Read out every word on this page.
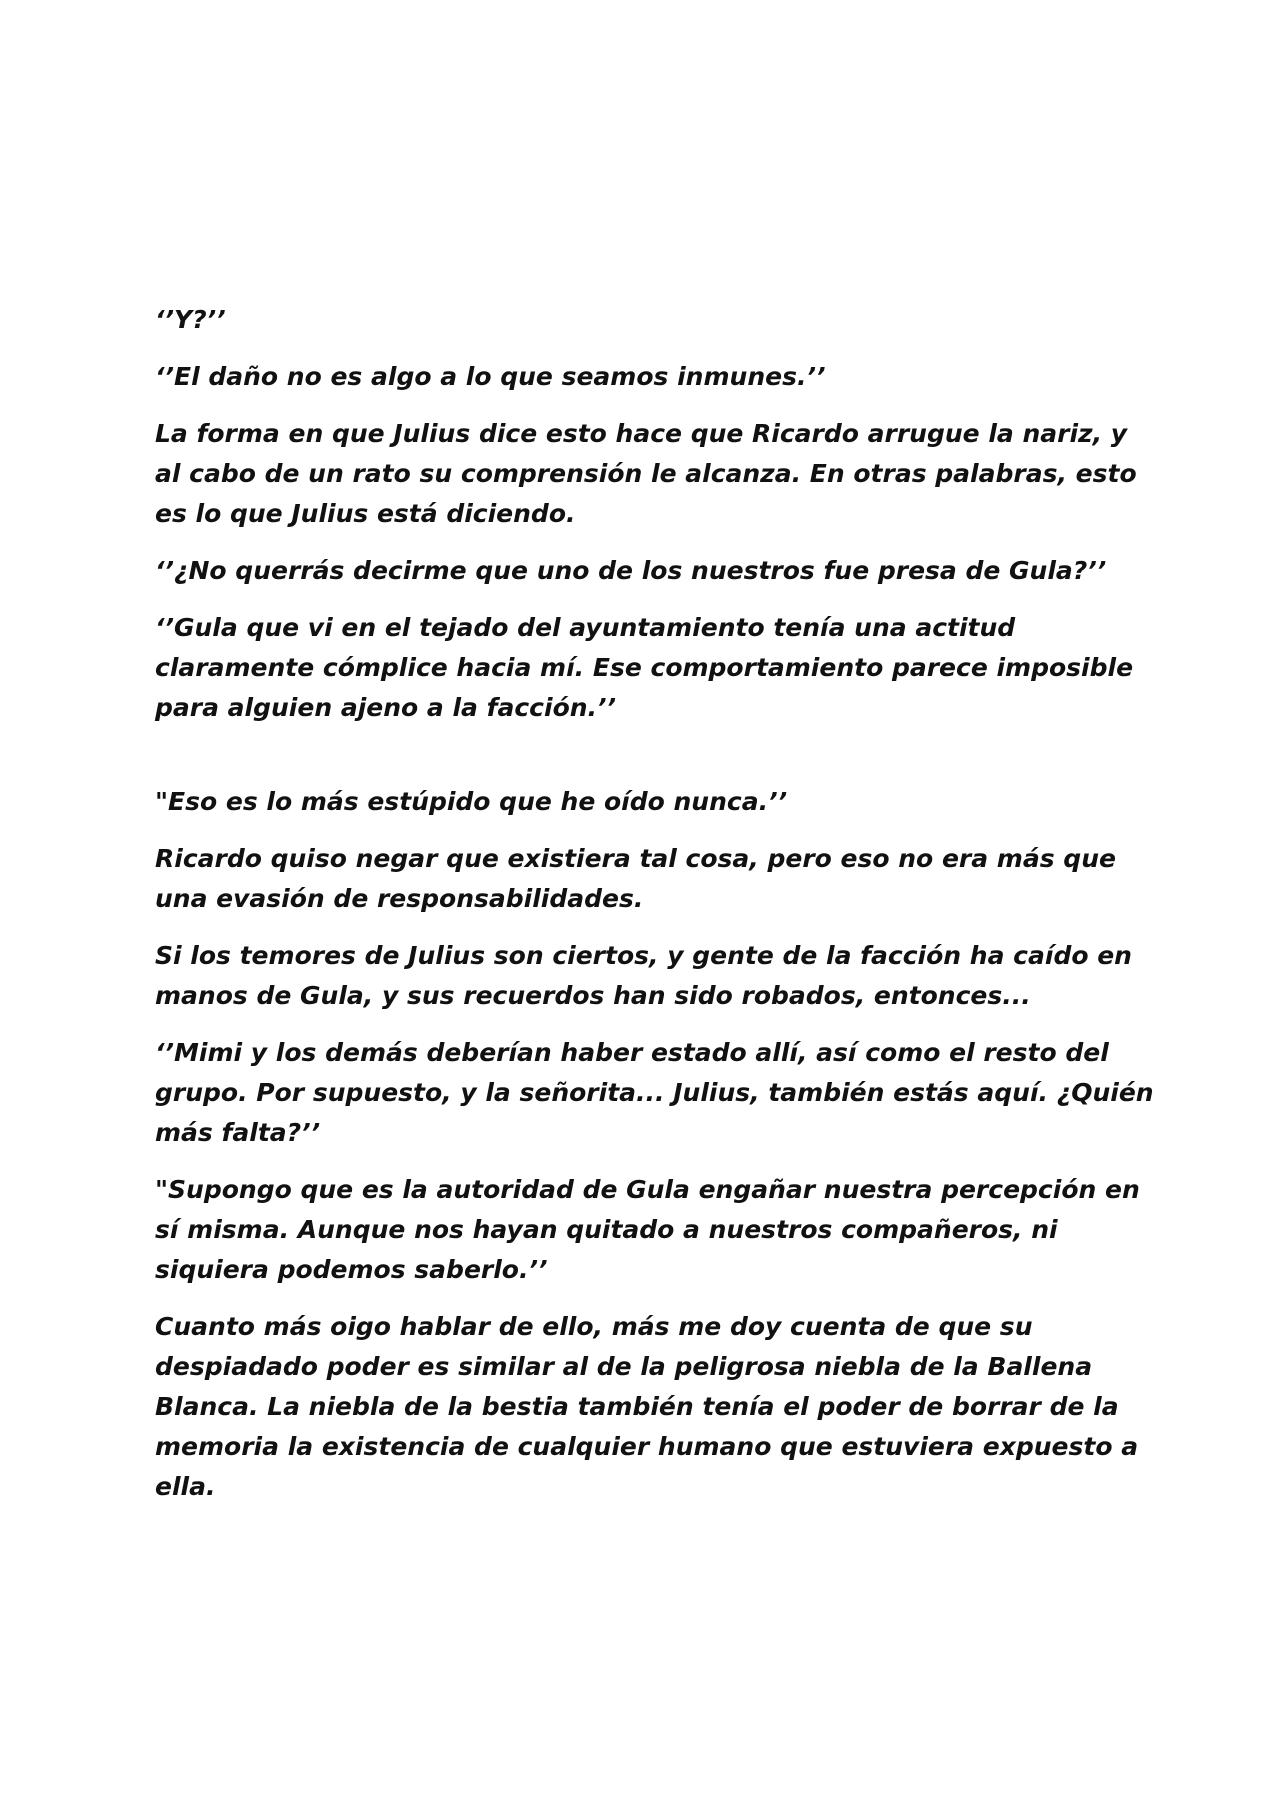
‘’Y?’’

‘’El daño no es algo a lo que seamos inmunes.’’

La forma en que Julius dice esto hace que Ricardo arrugue la nariz, y al cabo de un rato su comprensión le alcanza. En otras palabras, esto es lo que Julius está diciendo.

‘’¿No querrás decirme que uno de los nuestros fue presa de Gula?’’

‘’Gula que vi en el tejado del ayuntamiento tenía una actitud claramente cómplice hacia mí. Ese comportamiento parece imposible para alguien ajeno a la facción.’’

"Eso es lo más estúpido que he oído nunca.’’

Ricardo quiso negar que existiera tal cosa, pero eso no era más que una evasión de responsabilidades.

Si los temores de Julius son ciertos, y gente de la facción ha caído en manos de Gula, y sus recuerdos han sido robados, entonces...

‘’Mimi y los demás deberían haber estado allí, así como el resto del grupo. Por supuesto, y la señorita... Julius, también estás aquí. ¿Quién más falta?’’

"Supongo que es la autoridad de Gula engañar nuestra percepción en sí misma. Aunque nos hayan quitado a nuestros compañeros, ni siquiera podemos saberlo.’’

Cuanto más oigo hablar de ello, más me doy cuenta de que su despiadado poder es similar al de la peligrosa niebla de la Ballena Blanca. La niebla de la bestia también tenía el poder de borrar de la memoria la existencia de cualquier humano que estuviera expuesto a ella.
